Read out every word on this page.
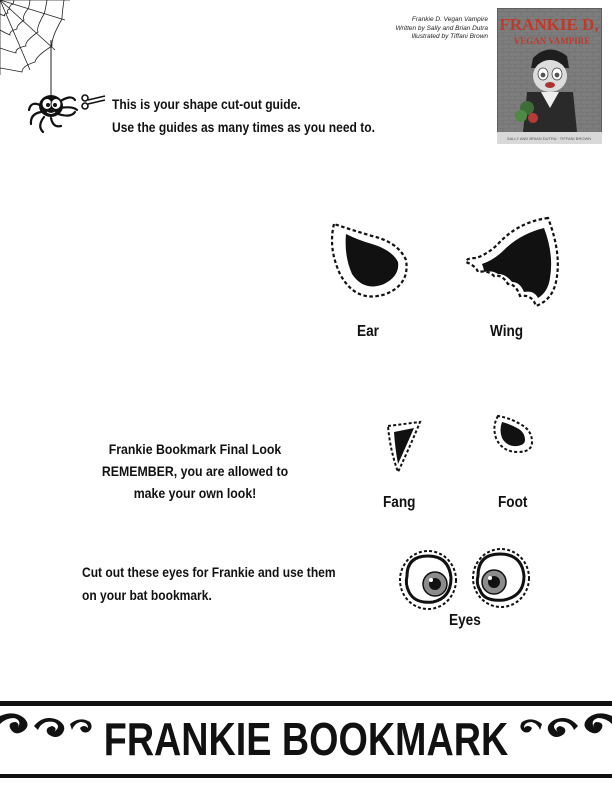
Frankie D. Vegan Vampire
Written by Sally and Brian Dutra
Illustrated by Tiffani Brown
FRANKIE D,
VEGAN VAMPIRE
SALLY AND BRIAN DUTRA · TIFFANI BROWN
This is your shape cut-out guide.
Use the guides as many times as you need to.
Ear	Wing
Fang	Foot
Frankie Bookmark Final Look
REMEMBER, you are allowed to
make your own look!
Cut out these eyes for Frankie and use them
on your bat bookmark.
Eyes
FRANKIE BOOKMARK
